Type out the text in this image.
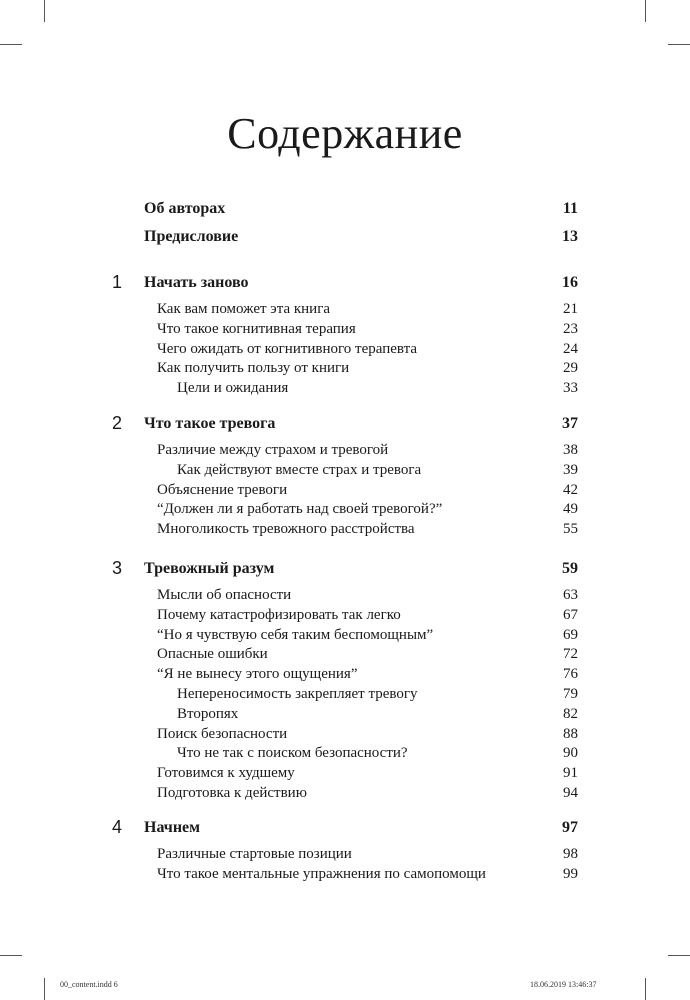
Содержание
Об авторах	11
Предисловие	13
1	Начать заново	16
Как вам поможет эта книга	21
Что такое когнитивная терапия	23
Чего ожидать от когнитивного терапевта	24
Как получить пользу от книги	29
Цели и ожидания	33
2	Что такое тревога	37
Различие между страхом и тревогой	38
Как действуют вместе страх и тревога	39
Объяснение тревоги	42
“Должен ли я работать над своей тревогой?”	49
Многоликость тревожного расстройства	55
3	Тревожный разум	59
Мысли об опасности	63
Почему катастрофизировать так легко	67
“Но я чувствую себя таким беспомощным”	69
Опасные ошибки	72
“Я не вынесу этого ощущения”	76
Непереносимость закрепляет тревогу	79
Второпях	82
Поиск безопасности	88
Что не так с поиском безопасности?	90
Готовимся к худшему	91
Подготовка к действию	94
4	Начнем	97
Различные стартовые позиции	98
Что такое ментальные упражнения по самопомощи	99
00_content.indd 6	18.06.2019 13:46:37
